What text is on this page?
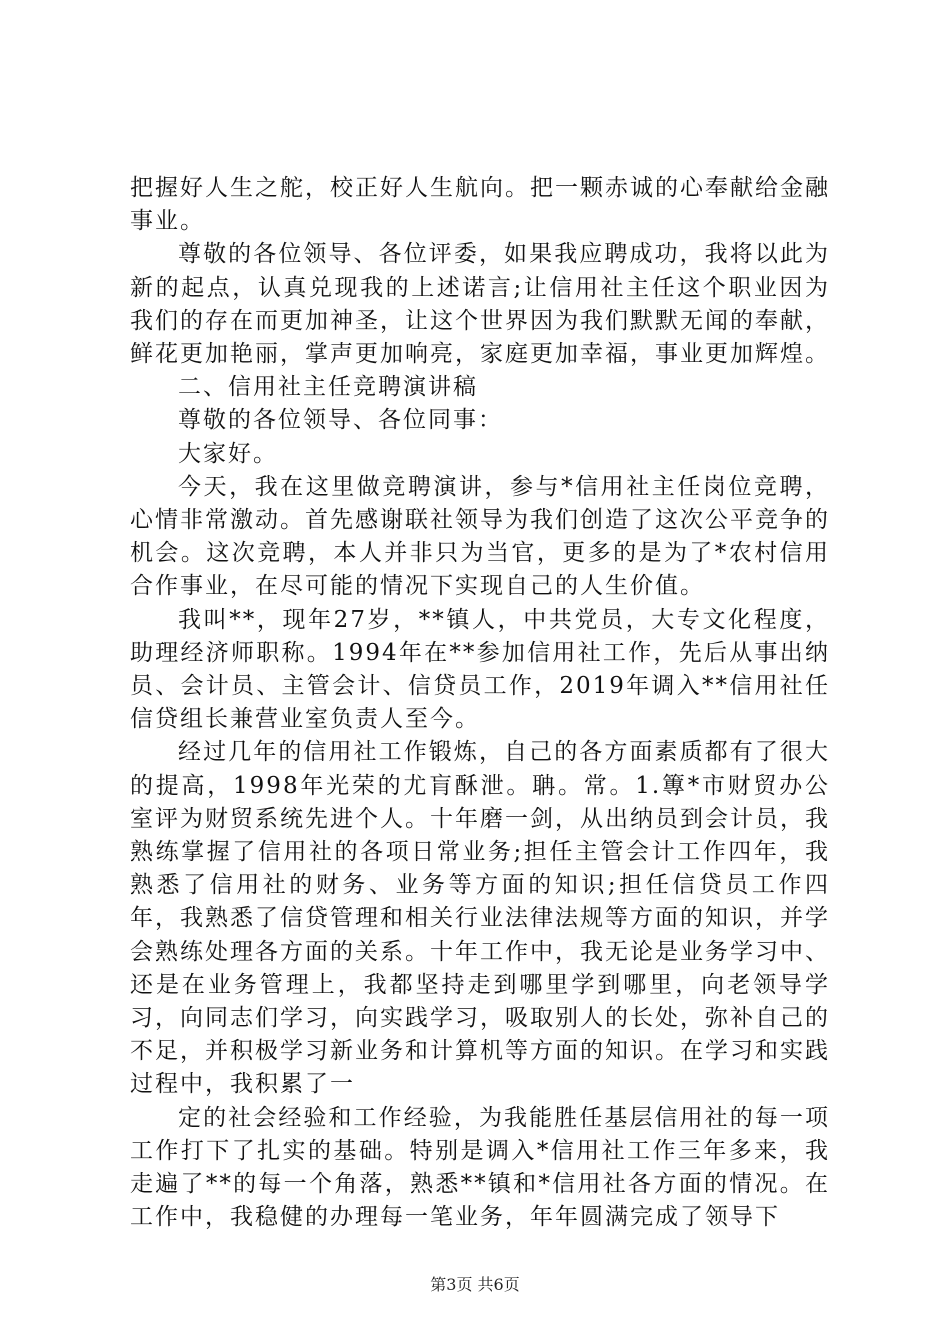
把握好人生之舵，校正好人生航向。把一颗赤诚的心奉献给金融事业。

尊敬的各位领导、各位评委，如果我应聘成功，我将以此为新的起点，认真兑现我的上述诺言;让信用社主任这个职业因为我们的存在而更加神圣，让这个世界因为我们默默无闻的奉献，鲜花更加艳丽，掌声更加响亮，家庭更加幸福，事业更加辉煌。

二、信用社主任竞聘演讲稿

尊敬的各位领导、各位同事：

大家好。

今天，我在这里做竞聘演讲，参与*信用社主任岗位竞聘，心情非常激动。首先感谢联社领导为我们创造了这次公平竞争的机会。这次竞聘，本人并非只为当官，更多的是为了*农村信用合作事业，在尽可能的情况下实现自己的人生价值。

我叫**，现年27岁，**镇人，中共党员，大专文化程度，助理经济师职称。1994年在**参加信用社工作，先后从事出纳员、会计员、主管会计、信贷员工作，2019年调入**信用社任信贷组长兼营业室负责人至今。

经过几年的信用社工作锻炼，自己的各方面素质都有了很大的提高，1998年光荣的尤肓酥泄。聃。常。1.篿*市财贸办公室评为财贸系统先进个人。十年磨一剑，从出纳员到会计员，我熟练掌握了信用社的各项日常业务;担任主管会计工作四年，我熟悉了信用社的财务、业务等方面的知识;担任信贷员工作四年，我熟悉了信贷管理和相关行业法律法规等方面的知识，并学会熟练处理各方面的关系。十年工作中，我无论是业务学习中、还是在业务管理上，我都坚持走到哪里学到哪里，向老领导学习，向同志们学习，向实践学习，吸取别人的长处，弥补自己的不足，并积极学习新业务和计算机等方面的知识。在学习和实践过程中，我积累了一

定的社会经验和工作经验，为我能胜任基层信用社的每一项工作打下了扎实的基础。特别是调入*信用社工作三年多来，我走遍了**的每一个角落，熟悉**镇和*信用社各方面的情况。在工作中，我稳健的办理每一笔业务，年年圆满完成了领导下

第3页 共6页
